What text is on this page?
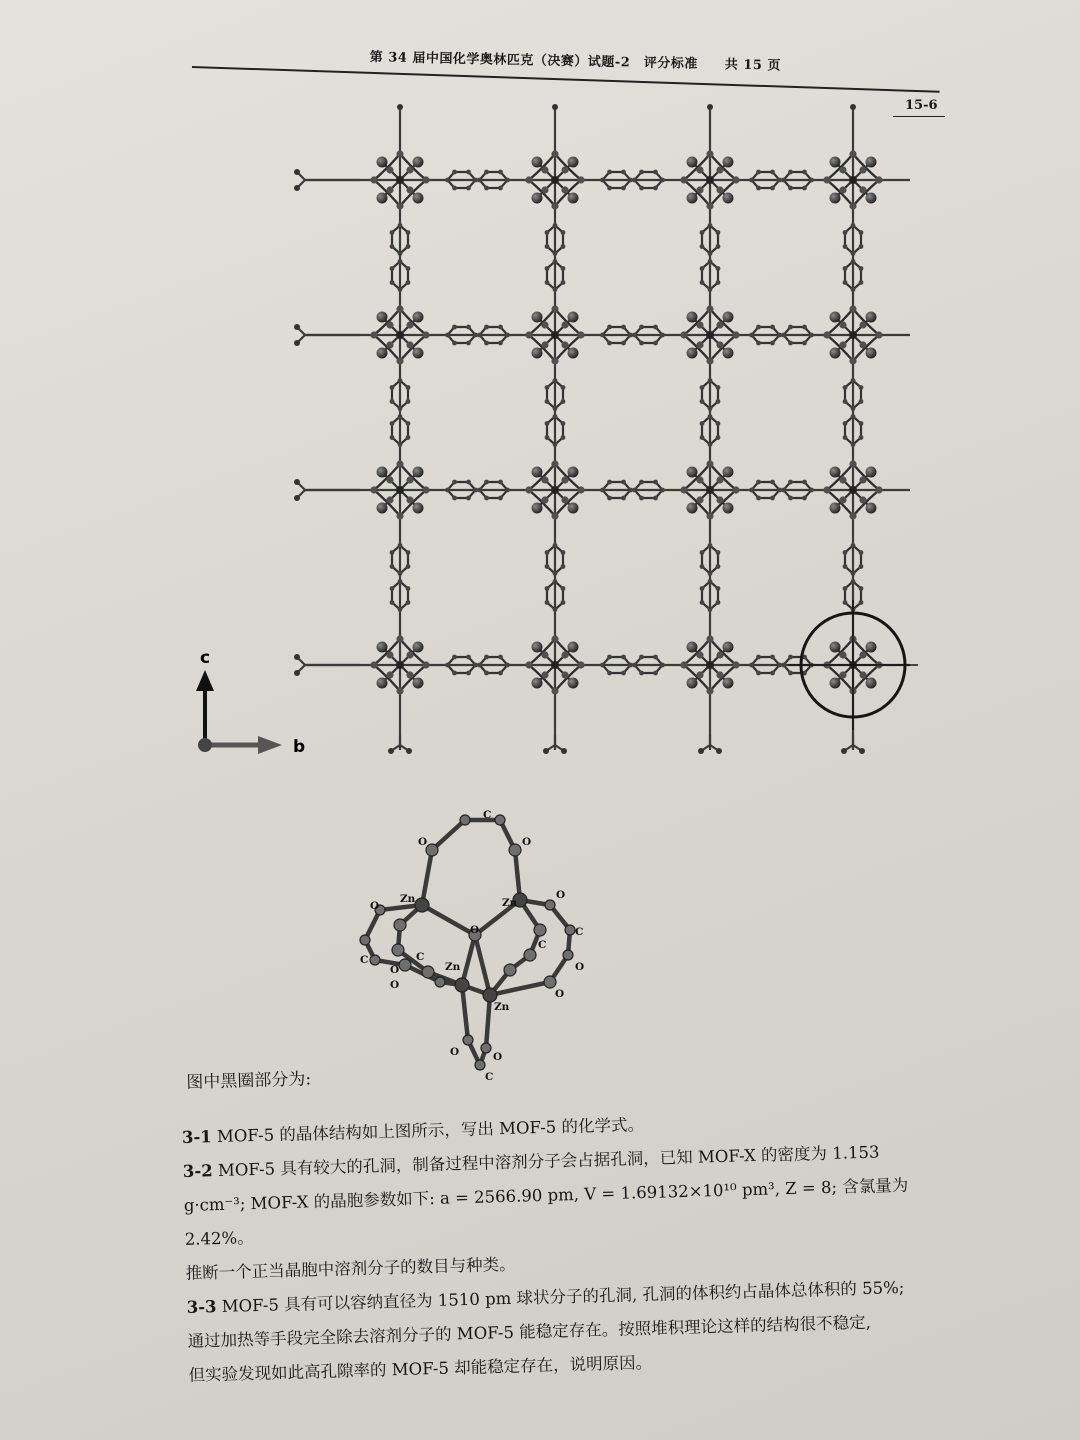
第 34 届中国化学奥林匹克（决赛）试题-2　评分标准　　共 15 页
15-6
c
b
C
O	O
Zn	Zn
O
O
O
C
C
O
C
Zn	O
C
O
O
Zn
O	O
C
图中黑圈部分为:

3-1 MOF-5 的晶体结构如上图所示，写出 MOF-5 的化学式。

3-2 MOF-5 具有较大的孔洞，制备过程中溶剂分子会占据孔洞，已知 MOF-X 的密度为 1.153

g·cm⁻³; MOF-X 的晶胞参数如下: a = 2566.90 pm, V = 1.69132×10¹⁰ pm³, Z = 8; 含氯量为 2.42%。

推断一个正当晶胞中溶剂分子的数目与种类。

3-3 MOF-5 具有可以容纳直径为 1510 pm 球状分子的孔洞, 孔洞的体积约占晶体总体积的 55%;

通过加热等手段完全除去溶剂分子的 MOF-5 能稳定存在。按照堆积理论这样的结构很不稳定,

但实验发现如此高孔隙率的 MOF-5 却能稳定存在，说明原因。
